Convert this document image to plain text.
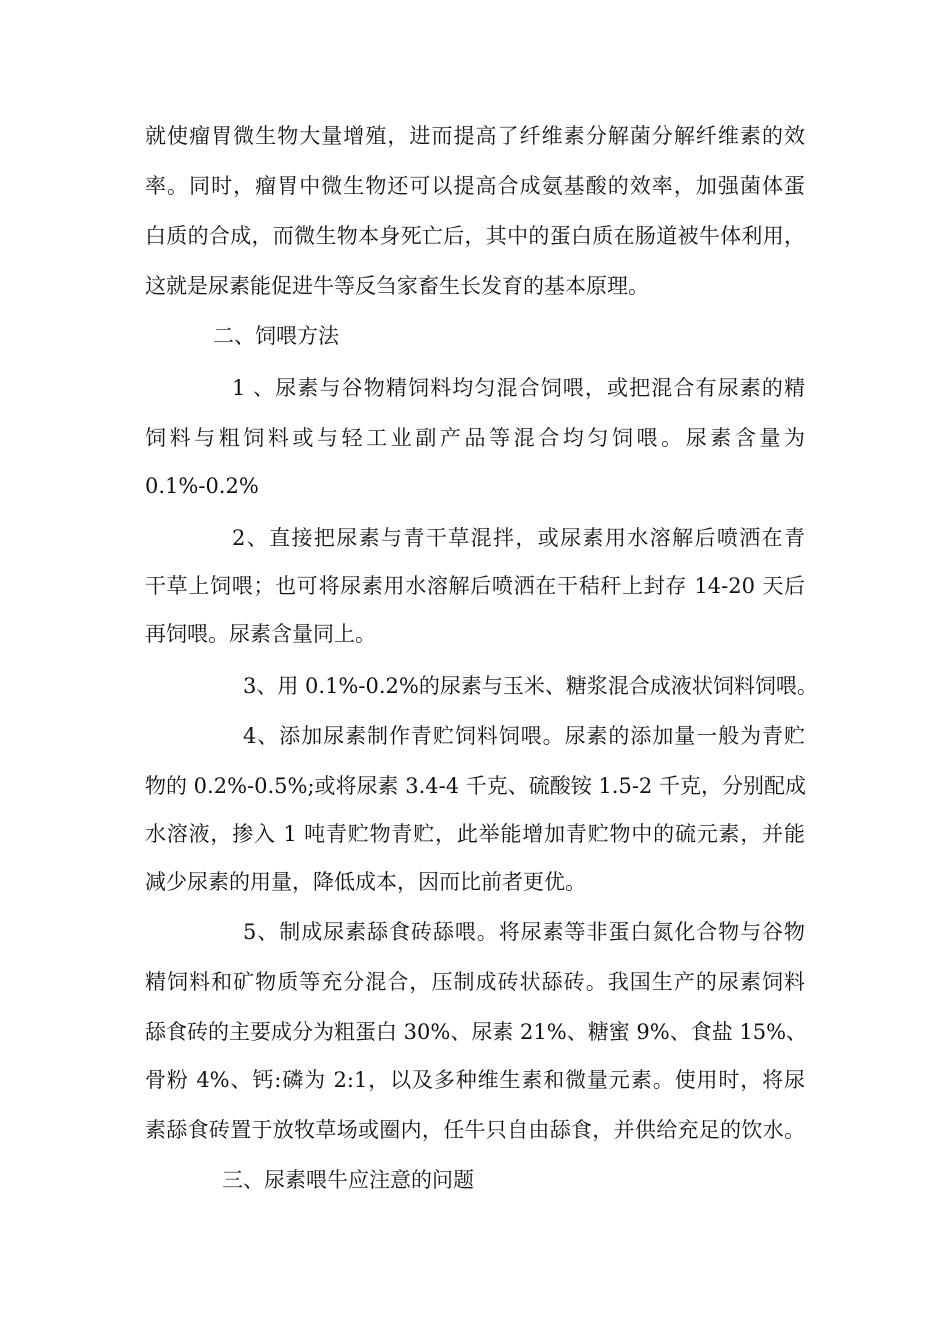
就使瘤胃微生物大量增殖，进而提高了纤维素分解菌分解纤维素的效
率。同时，瘤胃中微生物还可以提高合成氨基酸的效率，加强菌体蛋
白质的合成，而微生物本身死亡后，其中的蛋白质在肠道被牛体利用，
这就是尿素能促进牛等反刍家畜生长发育的基本原理。
二、饲喂方法
1 、尿素与谷物精饲料均匀混合饲喂，或把混合有尿素的精
饲料与粗饲料或与轻工业副产品等混合均匀饲喂。尿素含量为
0.1%-0.2%
2、直接把尿素与青干草混拌，或尿素用水溶解后喷洒在青
干草上饲喂；也可将尿素用水溶解后喷洒在干秸秆上封存 14-20 天后
再饲喂。尿素含量同上。
3、用 0.1%-0.2%的尿素与玉米、糖浆混合成液状饲料饲喂。
4、添加尿素制作青贮饲料饲喂。尿素的添加量一般为青贮
物的 0.2%-0.5%;或将尿素 3.4-4 千克、硫酸铵 1.5-2 千克，分别配成
水溶液，掺入 1 吨青贮物青贮，此举能增加青贮物中的硫元素，并能
减少尿素的用量，降低成本，因而比前者更优。
5、制成尿素舔食砖舔喂。将尿素等非蛋白氮化合物与谷物
精饲料和矿物质等充分混合，压制成砖状舔砖。我国生产的尿素饲料
舔食砖的主要成分为粗蛋白 30%、尿素 21%、糖蜜 9%、食盐 15%、
骨粉 4%、钙:磷为 2:1，以及多种维生素和微量元素。使用时，将尿
素舔食砖置于放牧草场或圈内，任牛只自由舔食，并供给充足的饮水。
三、尿素喂牛应注意的问题
